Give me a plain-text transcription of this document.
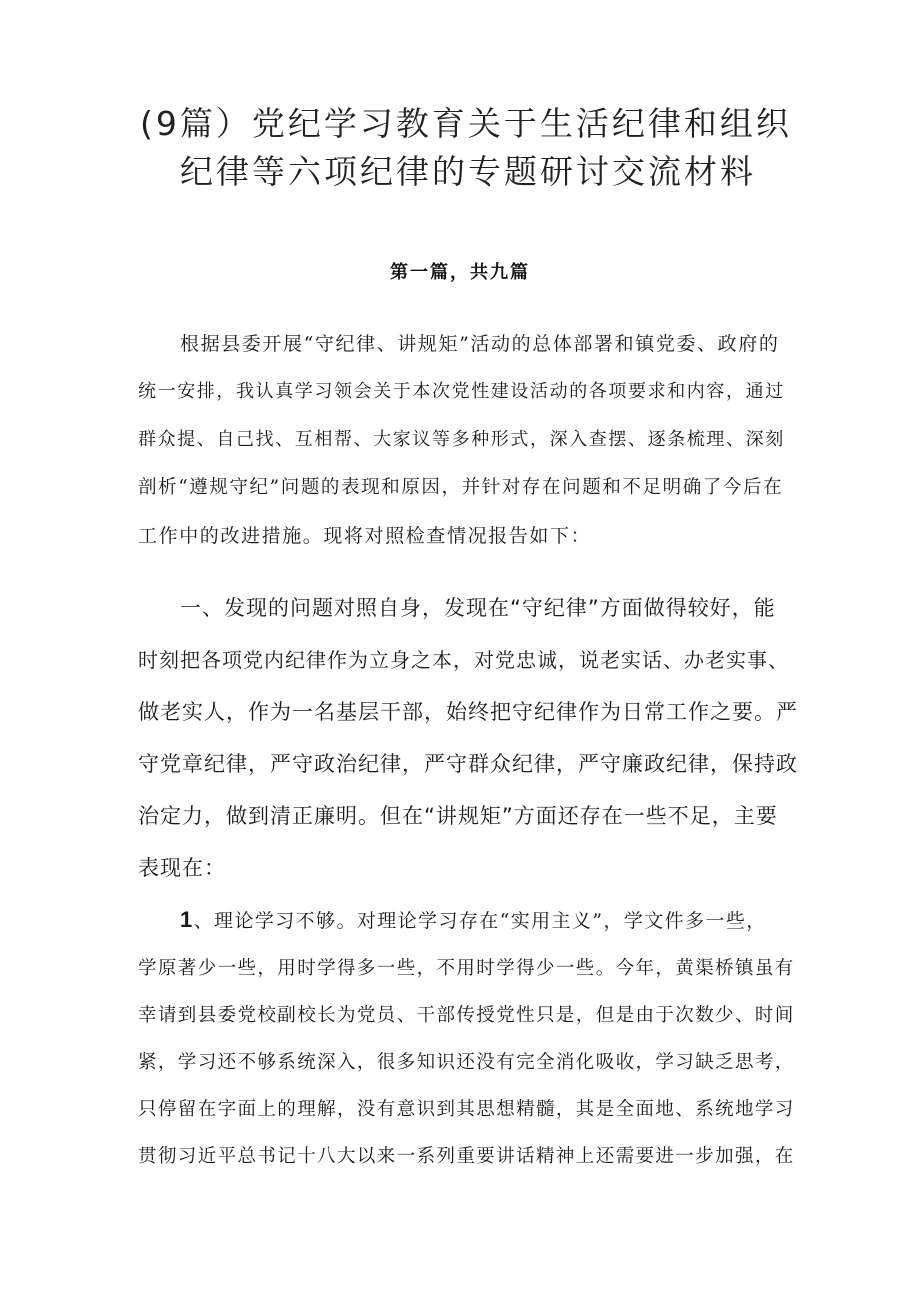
(9篇）党纪学习教育关于生活纪律和组织
纪律等六项纪律的专题研讨交流材料

第一篇，共九篇

根据县委开展“守纪律、讲规矩”活动的总体部署和镇党委、政府的
统一安排，我认真学习领会关于本次党性建设活动的各项要求和内容，通过
群众提、自己找、互相帮、大家议等多种形式，深入查摆、逐条梳理、深刻
剖析“遵规守纪”问题的表现和原因，并针对存在问题和不足明确了今后在
工作中的改进措施。现将对照检查情况报告如下：
一、发现的问题对照自身，发现在“守纪律”方面做得较好，能
时刻把各项党内纪律作为立身之本，对党忠诚，说老实话、办老实事、
做老实人，作为一名基层干部，始终把守纪律作为日常工作之要。严
守党章纪律，严守政治纪律，严守群众纪律，严守廉政纪律，保持政
治定力，做到清正廉明。但在“讲规矩”方面还存在一些不足，主要
表现在：
1、理论学习不够。对理论学习存在“实用主义”，学文件多一些，
学原著少一些，用时学得多一些，不用时学得少一些。今年，黄渠桥镇虽有
幸请到县委党校副校长为党员、干部传授党性只是，但是由于次数少、时间
紧，学习还不够系统深入，很多知识还没有完全消化吸收，学习缺乏思考，
只停留在字面上的理解，没有意识到其思想精髓，其是全面地、系统地学习
贯彻习近平总书记十八大以来一系列重要讲话精神上还需要进一步加强，在
